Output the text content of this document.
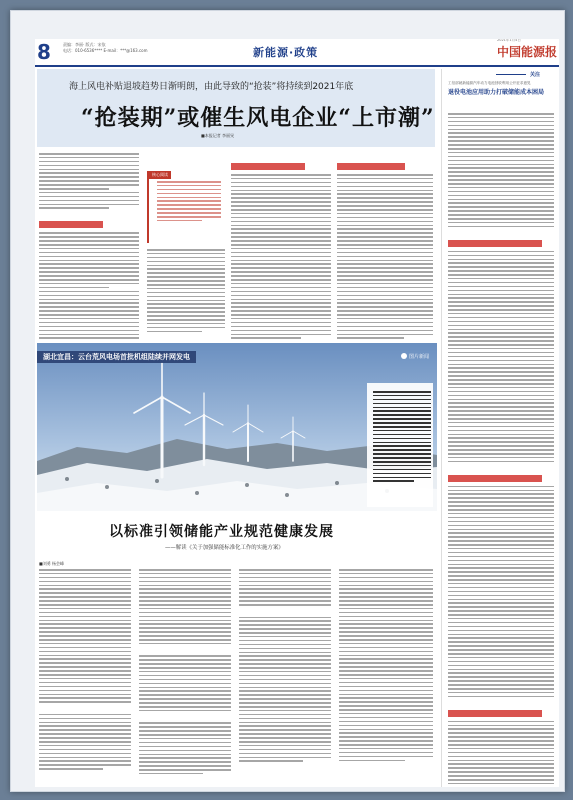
8	责编：李丽· 版式：宋依
电话：010-6536**** E-mail：***@163.com	新能源·政策
2021年1月4日
中国能源报
海上风电补贴退坡趋势日渐明朗，由此导致的“抢装”将持续到2021年底
“抢装期”或催生风电企业“上市潮”
■本报记者 李丽旻

核心阅读

关注
工信部就新能源汽车动力电池回收利用公开征求意见
退役电池应用助力打破储能成本困局

湖北宜昌：云台荒风电场首批机组陆续并网发电	图片新闻
以标准引领储能产业规范健康发展
——解读《关于加强储能标准化工作的实施方案》
■刘勇 杨会峰
